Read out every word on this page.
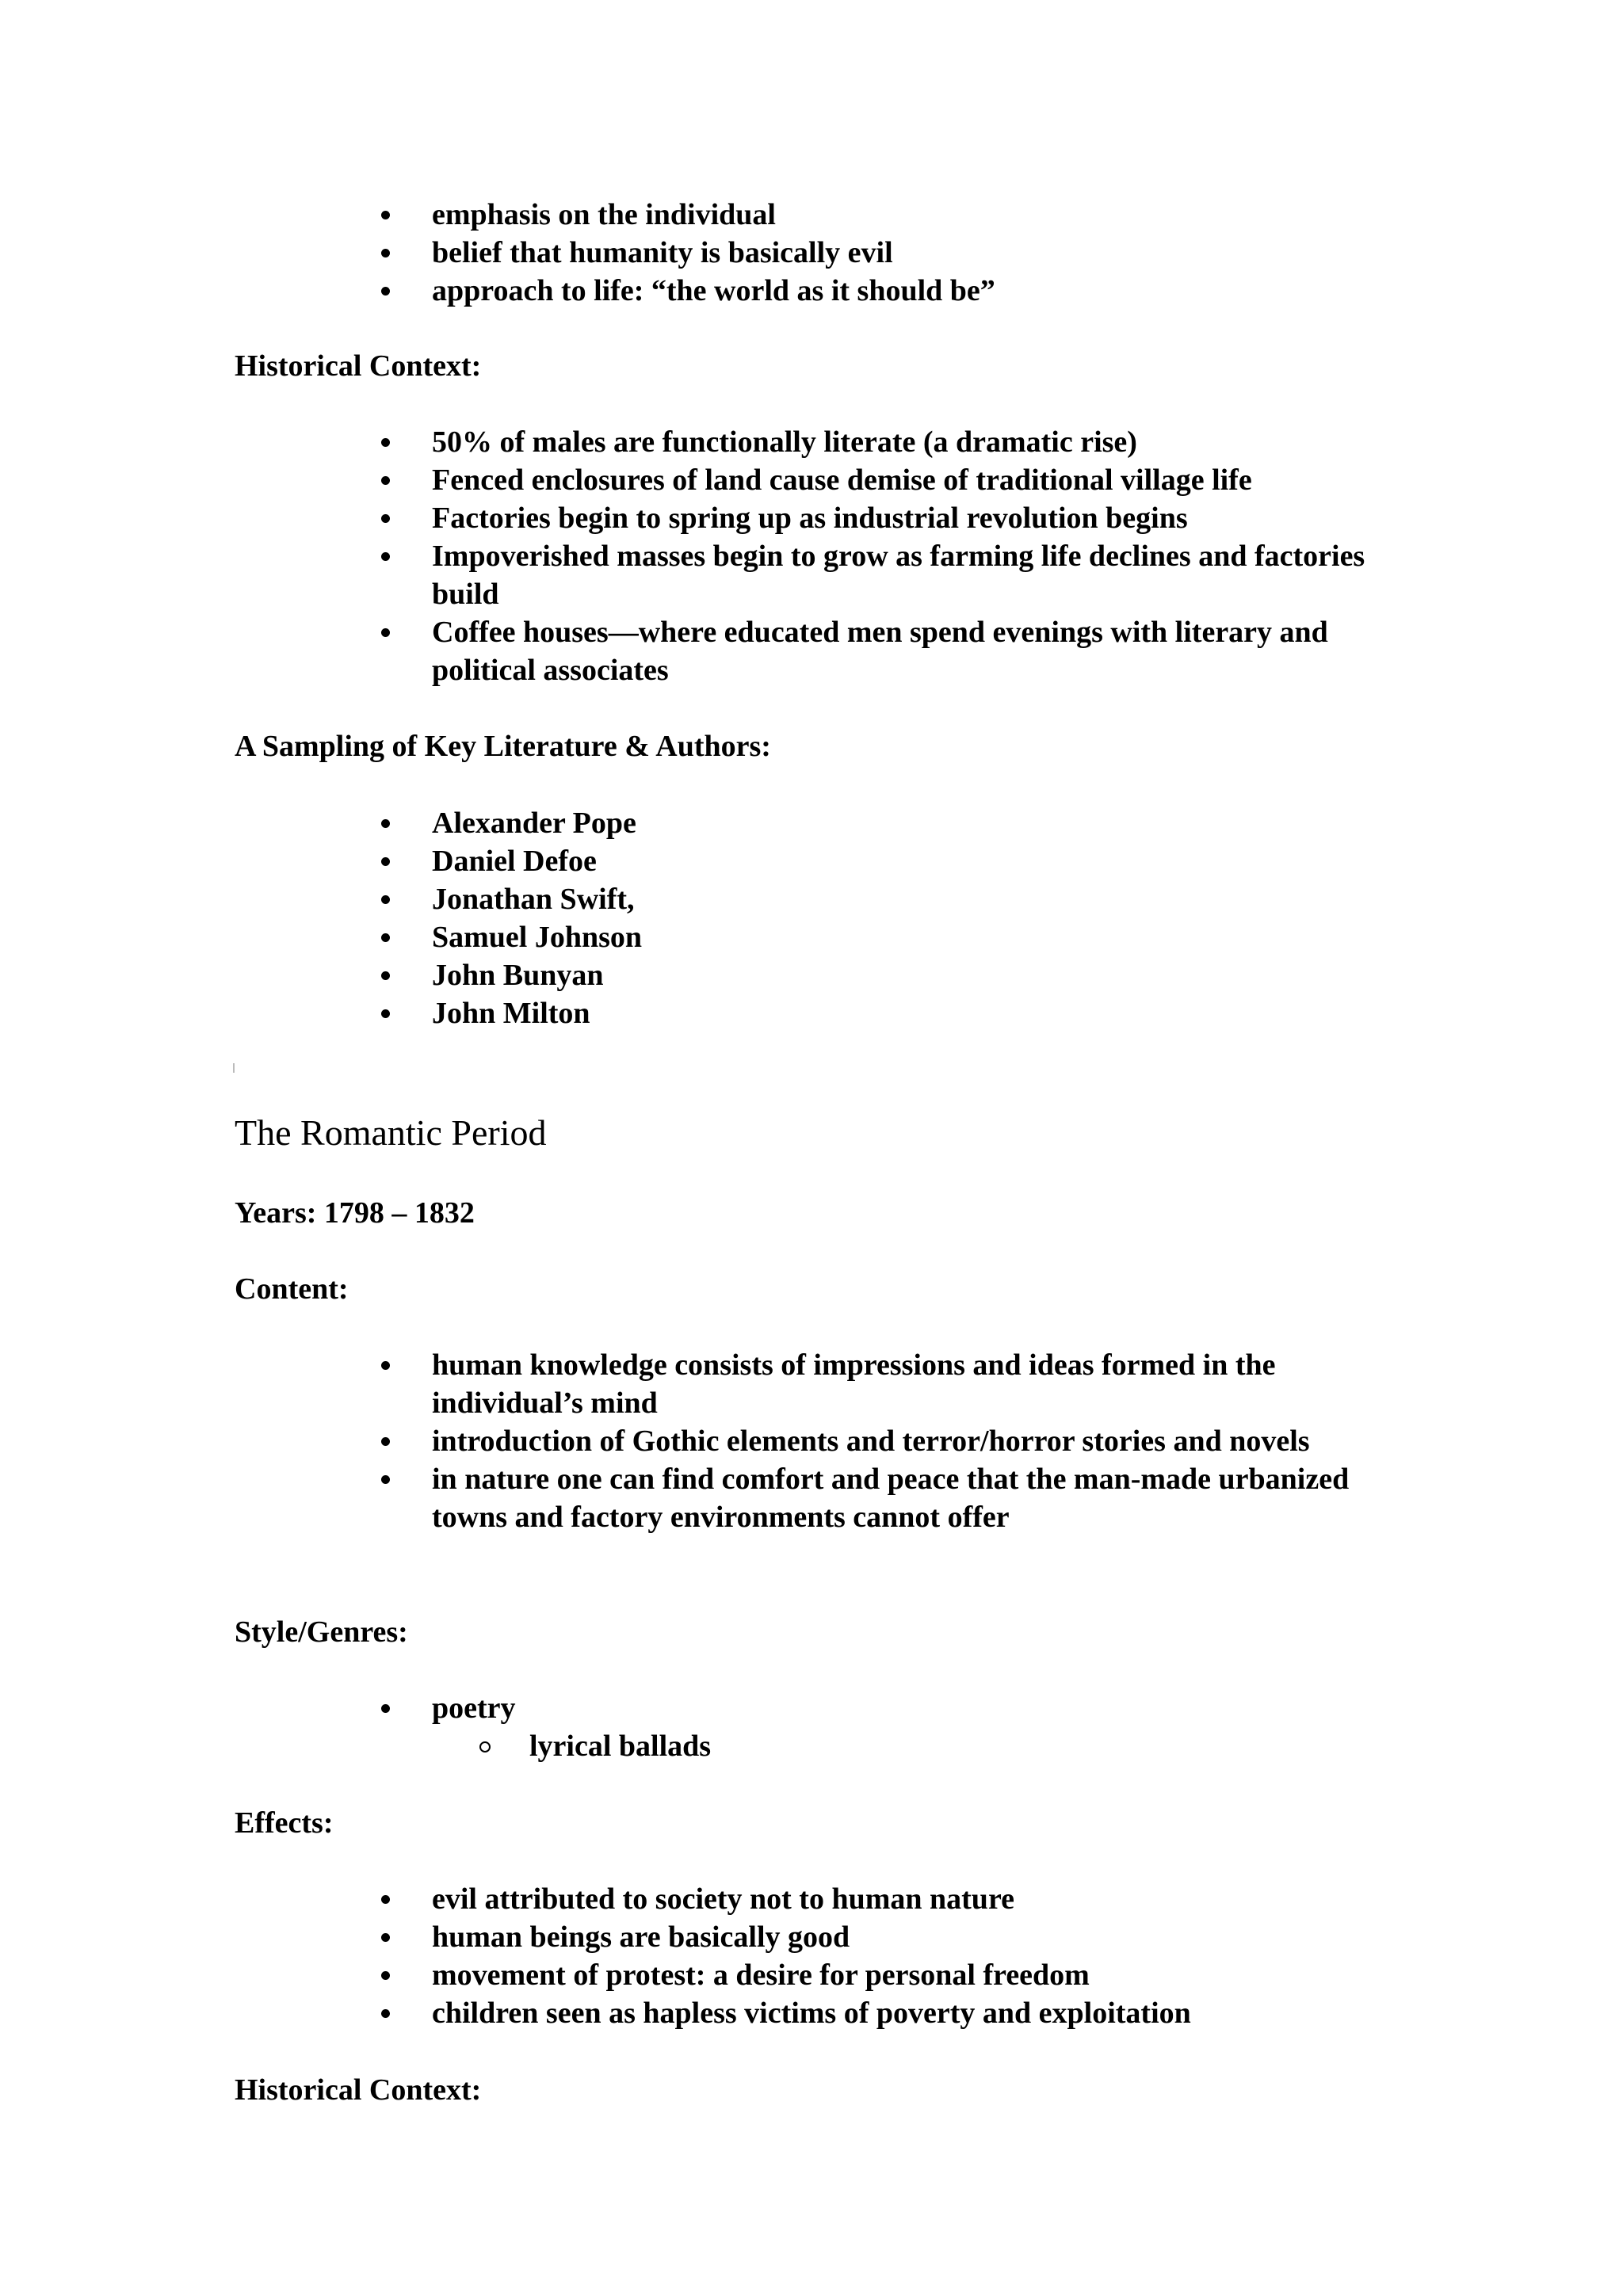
emphasis on the individual
belief that humanity is basically evil
approach to life: “the world as it should be”
Historical Context:
50% of males are functionally literate (a dramatic rise)
Fenced enclosures of land cause demise of traditional village life
Factories begin to spring up as industrial revolution begins
Impoverished masses begin to grow as farming life declines and factories build
Coffee houses—where educated men spend evenings with literary and political associates
A Sampling of Key Literature & Authors:
Alexander Pope
Daniel Defoe
Jonathan Swift,
Samuel Johnson
John Bunyan
John Milton
The Romantic Period
Years: 1798 – 1832
Content:
human knowledge consists of impressions and ideas formed in the individual’s mind
introduction of Gothic elements and terror/horror stories and novels
in nature one can find comfort and peace that the man-made urbanized towns and factory environments cannot offer
Style/Genres:
poetry
lyrical ballads
Effects:
evil attributed to society not to human nature
human beings are basically good
movement of protest: a desire for personal freedom
children seen as hapless victims of poverty and exploitation
Historical Context:
